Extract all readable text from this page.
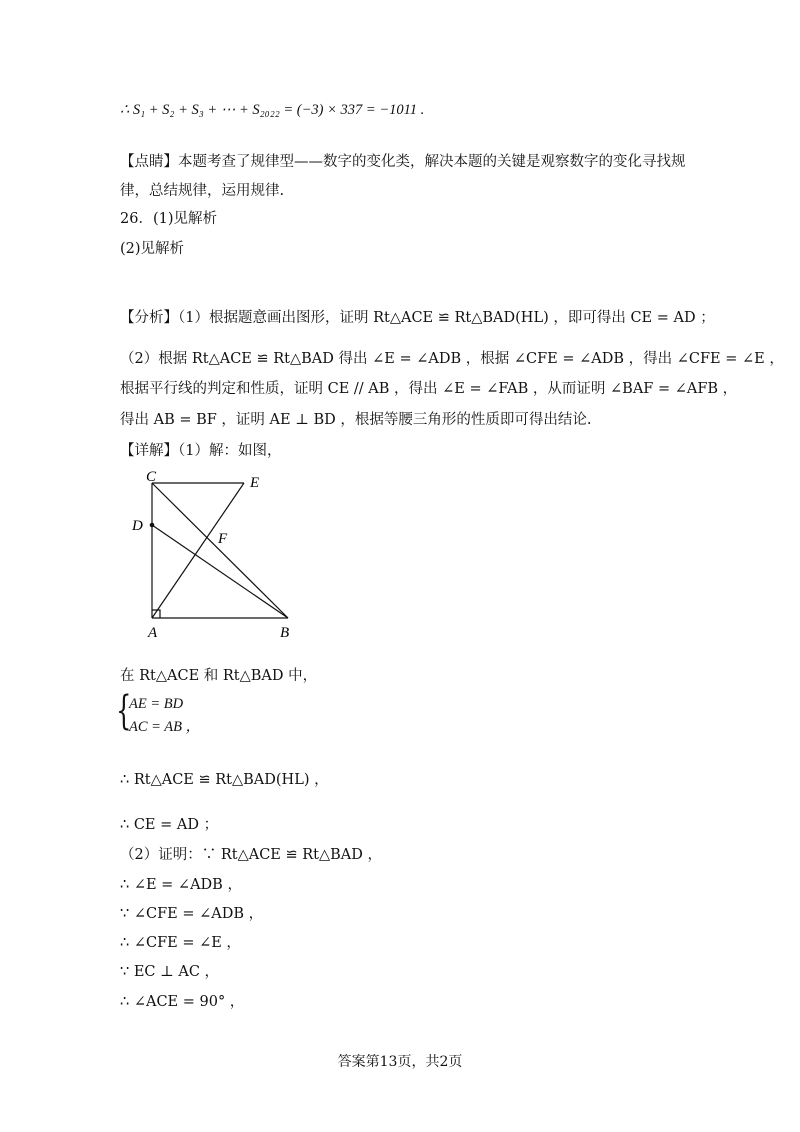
∴ S₁ + S₂ + S₃ + ⋯ + S₂₀₂₂ = (−3) × 337 = −1011 .
【点睛】本题考查了规律型——数字的变化类，解决本题的关键是观察数字的变化寻找规
律，总结规律，运用规律.
26．(1)见解析
(2)见解析
【分析】（1）根据题意画出图形，证明 Rt△ACE ≌ Rt△BAD(HL) ，即可得出 CE = AD ；
（2）根据 Rt△ACE ≌ Rt△BAD 得出 ∠E = ∠ADB ，根据 ∠CFE = ∠ADB ，得出 ∠CFE = ∠E ，
根据平行线的判定和性质，证明 CE // AB ，得出 ∠E = ∠FAB ，从而证明 ∠BAF = ∠AFB ，
得出 AB = BF ，证明 AE ⊥ BD ，根据等腰三角形的性质即可得出结论.
【详解】（1）解：如图，
C	E
D
F
A	B
在 Rt△ACE 和 Rt△BAD 中，
{
AE = BD
AC = AB ，
∴ Rt△ACE ≌ Rt△BAD(HL) ，
∴ CE = AD ；
（2）证明：∵ Rt△ACE ≌ Rt△BAD ，
∴ ∠E = ∠ADB ，
∵ ∠CFE = ∠ADB ，
∴ ∠CFE = ∠E ，
∵ EC ⊥ AC ，
∴ ∠ACE = 90° ，
答案第13页，共2页
